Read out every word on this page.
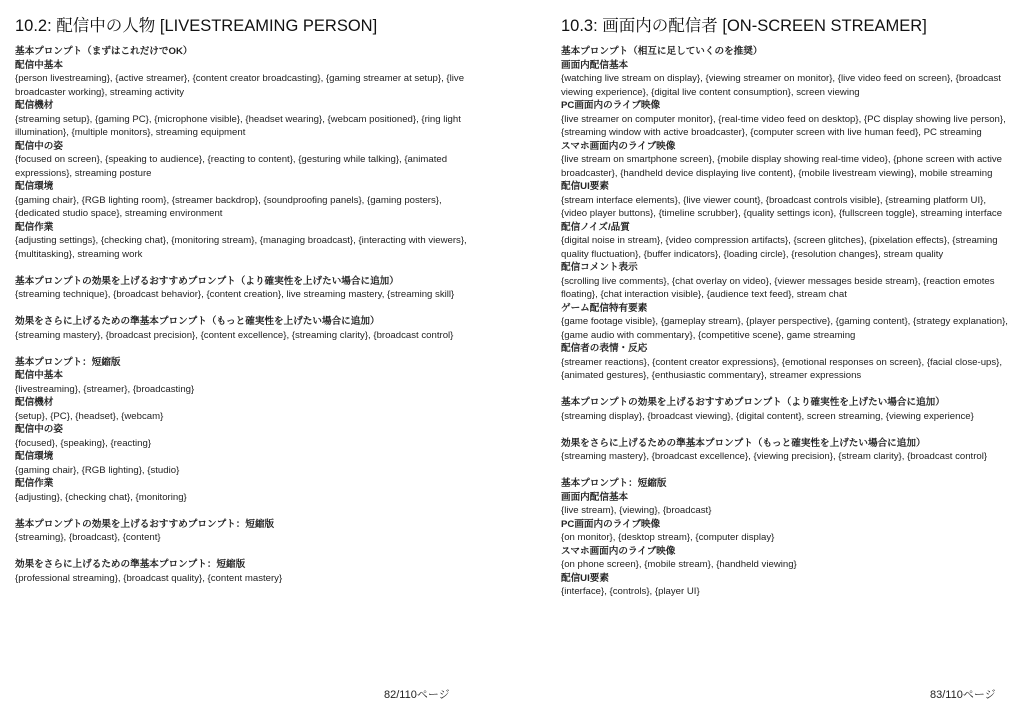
10.2: 配信中の人物 [LIVESTREAMING PERSON]
基本プロンプト（まずはこれだけでOK）
配信中基本
{person livestreaming}, {active streamer}, {content creator broadcasting}, {gaming streamer at setup}, {live broadcaster working}, streaming activity
配信機材
{streaming setup}, {gaming PC}, {microphone visible}, {headset wearing}, {webcam positioned}, {ring light illumination}, {multiple monitors}, streaming equipment
配信中の姿
{focused on screen}, {speaking to audience}, {reacting to content}, {gesturing while talking}, {animated expressions}, streaming posture
配信環境
{gaming chair}, {RGB lighting room}, {streamer backdrop}, {soundproofing panels}, {gaming posters}, {dedicated studio space}, streaming environment
配信作業
{adjusting settings}, {checking chat}, {monitoring stream}, {managing broadcast}, {interacting with viewers}, {multitasking}, streaming work
基本プロンプトの効果を上げるおすすめプロンプト（より確実性を上げたい場合に追加）
{streaming technique}, {broadcast behavior}, {content creation}, live streaming mastery, {streaming skill}
効果をさらに上げるための準基本プロンプト（もっと確実性を上げたい場合に追加）
{streaming mastery}, {broadcast precision}, {content excellence}, {streaming clarity}, {broadcast control}
基本プロンプト：短縮版
配信中基本
{livestreaming}, {streamer}, {broadcasting}
配信機材
{setup}, {PC}, {headset}, {webcam}
配信中の姿
{focused}, {speaking}, {reacting}
配信環境
{gaming chair}, {RGB lighting}, {studio}
配信作業
{adjusting}, {checking chat}, {monitoring}
基本プロンプトの効果を上げるおすすめプロンプト：短縮版
{streaming}, {broadcast}, {content}
効果をさらに上げるための準基本プロンプト：短縮版
{professional streaming}, {broadcast quality}, {content mastery}
82/110ページ
10.3: 画面内の配信者 [ON-SCREEN STREAMER]
基本プロンプト（相互に足していくのを推奨）
画面内配信基本
{watching live stream on display}, {viewing streamer on monitor}, {live video feed on screen}, {broadcast viewing experience}, {digital live content consumption}, screen viewing
PC画面内のライブ映像
{live streamer on computer monitor}, {real-time video feed on desktop}, {PC display showing live person}, {streaming window with active broadcaster}, {computer screen with live human feed}, PC streaming
スマホ画面内のライブ映像
{live stream on smartphone screen}, {mobile display showing real-time video}, {phone screen with active broadcaster}, {handheld device displaying live content}, {mobile livestream viewing}, mobile streaming
配信UI要素
{stream interface elements}, {live viewer count}, {broadcast controls visible}, {streaming platform UI}, {video player buttons}, {timeline scrubber}, {quality settings icon}, {fullscreen toggle}, streaming interface
配信ノイズ/品質
{digital noise in stream}, {video compression artifacts}, {screen glitches}, {pixelation effects}, {streaming quality fluctuation}, {buffer indicators}, {loading circle}, {resolution changes}, stream quality
配信コメント表示
{scrolling live comments}, {chat overlay on video}, {viewer messages beside stream}, {reaction emotes floating}, {chat interaction visible}, {audience text feed}, stream chat
ゲーム配信特有要素
{game footage visible}, {gameplay stream}, {player perspective}, {gaming content}, {strategy explanation}, {game audio with commentary}, {competitive scene}, game streaming
配信者の表情・反応
{streamer reactions}, {content creator expressions}, {emotional responses on screen}, {facial close-ups}, {animated gestures}, {enthusiastic commentary}, streamer expressions
基本プロンプトの効果を上げるおすすめプロンプト（より確実性を上げたい場合に追加）
{streaming display}, {broadcast viewing}, {digital content}, screen streaming, {viewing experience}
効果をさらに上げるための準基本プロンプト（もっと確実性を上げたい場合に追加）
{streaming mastery}, {broadcast excellence}, {viewing precision}, {stream clarity}, {broadcast control}
基本プロンプト：短縮版
画面内配信基本
{live stream}, {viewing}, {broadcast}
PC画面内のライブ映像
{on monitor}, {desktop stream}, {computer display}
スマホ画面内のライブ映像
{on phone screen}, {mobile stream}, {handheld viewing}
配信UI要素
{interface}, {controls}, {player UI}
83/110ページ
